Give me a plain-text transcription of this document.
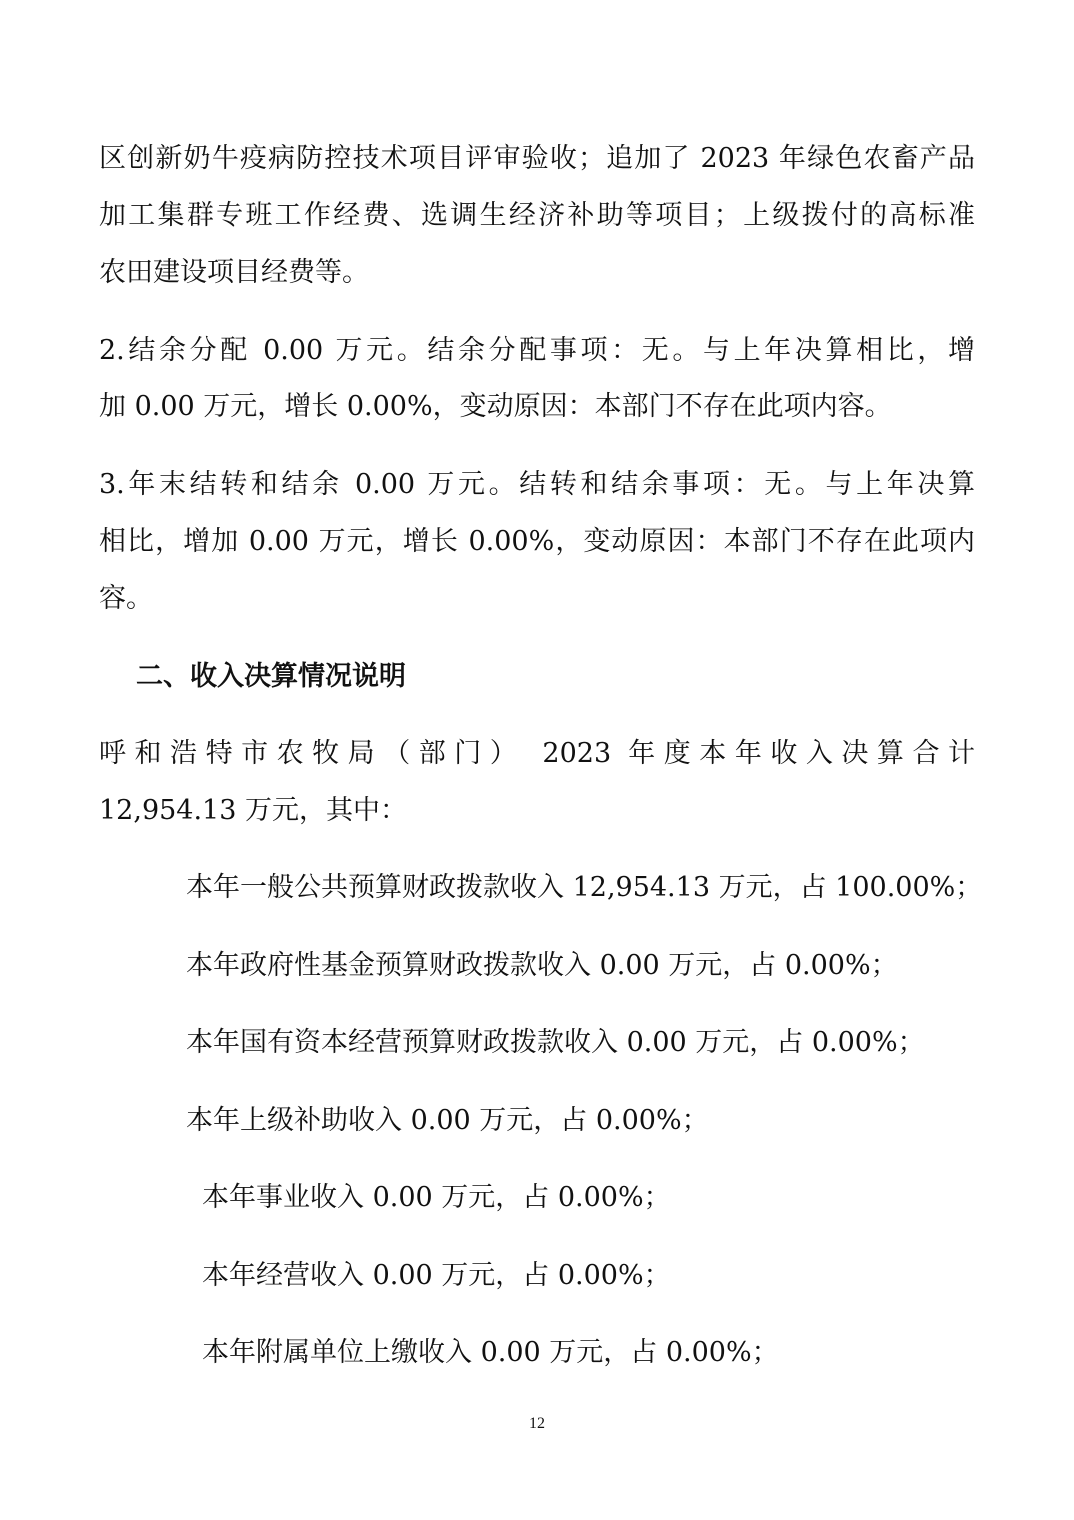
区创新奶牛疫病防控技术项目评审验收；追加了 2023 年绿色农畜产品

加工集群专班工作经费、选调生经济补助等项目；上级拨付的高标准

农田建设项目经费等。

2.结余分配 0.00 万元。结余分配事项：无。与上年决算相比，增

加 0.00 万元，增长 0.00%，变动原因：本部门不存在此项内容。

3.年末结转和结余 0.00 万元。结转和结余事项：无。与上年决算

相比，增加 0.00 万元，增长 0.00%，变动原因：本部门不存在此项内

容。

二、收入决算情况说明

呼和浩特市农牧局（部门） 2023 年度本年收入决算合计

12,954.13 万元，其中：

本年一般公共预算财政拨款收入 12,954.13 万元，占 100.00%；

本年政府性基金预算财政拨款收入 0.00 万元，占 0.00%；

本年国有资本经营预算财政拨款收入 0.00 万元，占 0.00%；

本年上级补助收入 0.00 万元，占 0.00%；

本年事业收入 0.00 万元，占 0.00%；

本年经营收入 0.00 万元，占 0.00%；

本年附属单位上缴收入 0.00 万元，占 0.00%；

12
